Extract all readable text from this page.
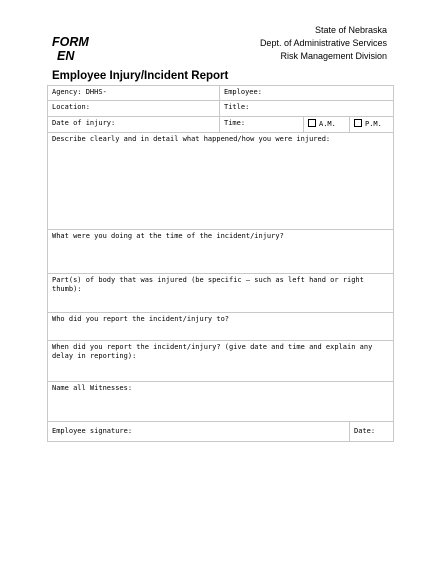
FORM
EN
State of Nebraska
Dept. of Administrative Services
Risk Management Division
Employee Injury/Incident Report
Agency: DHHS-	Employee:		
Location:	Title:		
Date of injury:	Time:	A.M.	P.M.
Describe clearly and in detail what happened/how you were injured:			
What were you doing at the time of the incident/injury?			
Part(s) of body that was injured (be specific – such as left hand or right thumb):			
Who did you report the incident/injury to?			
When did you report the incident/injury? (give date and time and explain any delay in reporting):			
Name all Witnesses:			
Employee signature:			Date:
